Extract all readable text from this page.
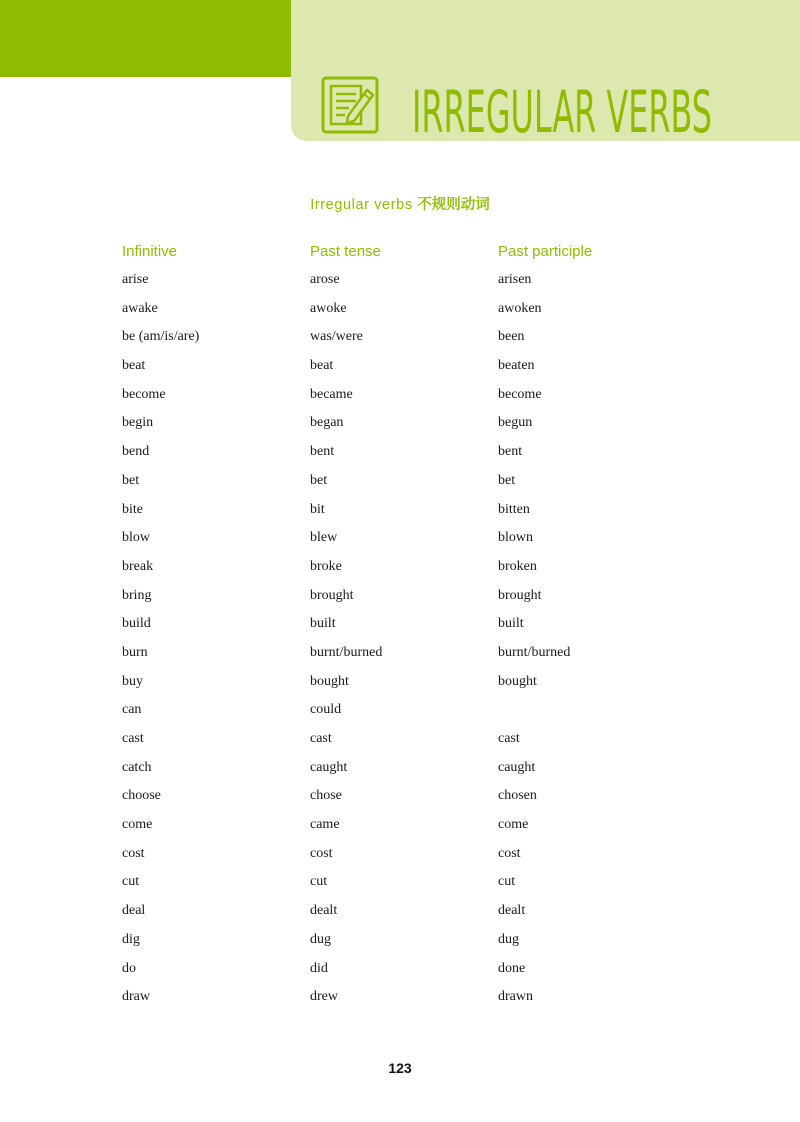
IRREGULAR VERBS
Irregular verbs 不规则动词
Infinitive	Past tense	Past participle
arise	arose	arisen
awake	awoke	awoken
be (am/is/are)	was/were	been
beat	beat	beaten
become	became	become
begin	began	begun
bend	bent	bent
bet	bet	bet
bite	bit	bitten
blow	blew	blown
break	broke	broken
bring	brought	brought
build	built	built
burn	burnt/burned	burnt/burned
buy	bought	bought
can	could
cast	cast	cast
catch	caught	caught
choose	chose	chosen
come	came	come
cost	cost	cost
cut	cut	cut
deal	dealt	dealt
dig	dug	dug
do	did	done
draw	drew	drawn
123
